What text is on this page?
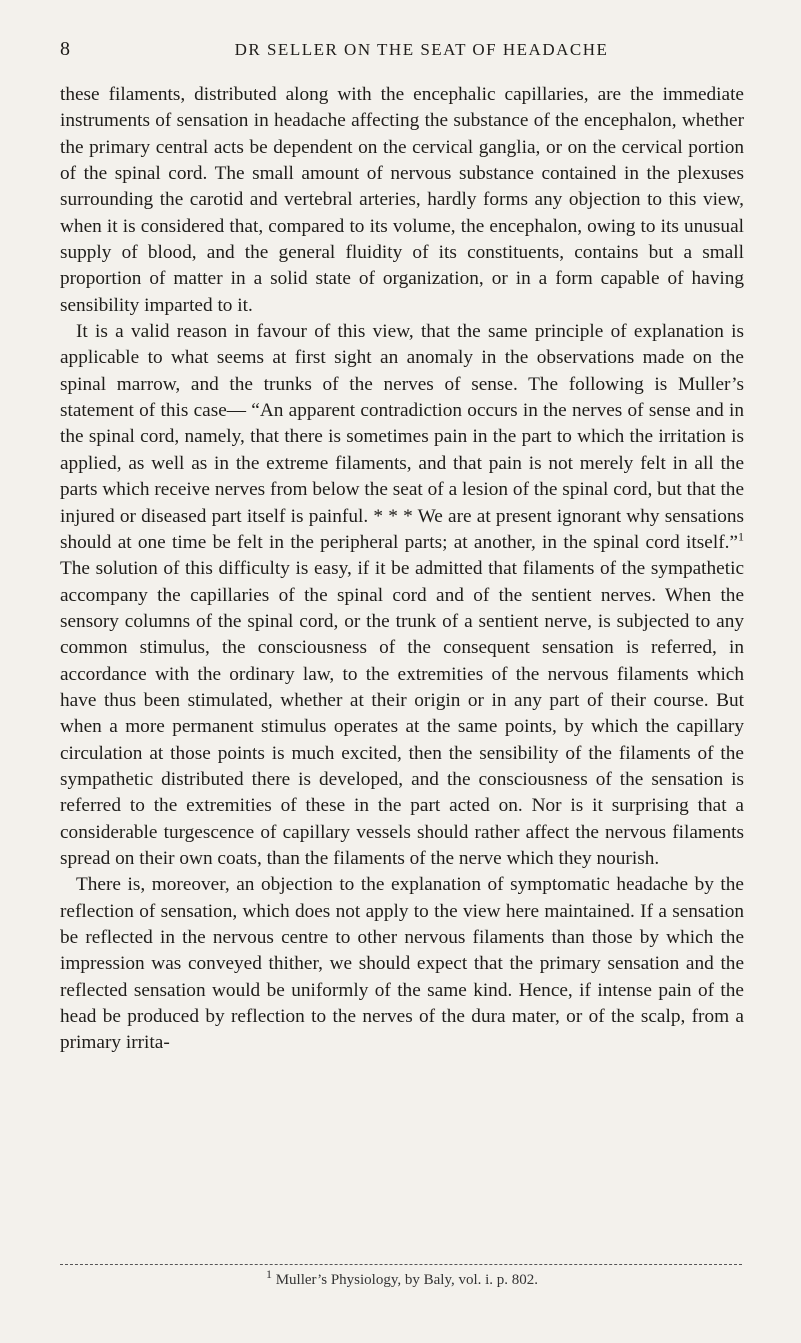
8	DR SELLER ON THE SEAT OF HEADACHE

these filaments, distributed along with the encephalic capillaries, are the immediate instruments of sensation in headache affecting the substance of the encephalon, whether the primary central acts be dependent on the cervical ganglia, or on the cervical portion of the spinal cord. The small amount of nervous substance contained in the plexuses surrounding the carotid and vertebral arteries, hardly forms any objection to this view, when it is considered that, compared to its volume, the encephalon, owing to its unusual supply of blood, and the general fluidity of its constituents, contains but a small proportion of matter in a solid state of organization, or in a form capable of having sensibility imparted to it.

It is a valid reason in favour of this view, that the same principle of explanation is applicable to what seems at first sight an anomaly in the observations made on the spinal marrow, and the trunks of the nerves of sense. The following is Muller’s statement of this case— “An apparent contradiction occurs in the nerves of sense and in the spinal cord, namely, that there is sometimes pain in the part to which the irritation is applied, as well as in the extreme filaments, and that pain is not merely felt in all the parts which receive nerves from below the seat of a lesion of the spinal cord, but that the injured or diseased part itself is painful. * * * We are at present ignorant why sensations should at one time be felt in the peripheral parts; at another, in the spinal cord itself.”$^1$ The solution of this difficulty is easy, if it be admitted that filaments of the sympathetic accompany the capillaries of the spinal cord and of the sentient nerves. When the sensory columns of the spinal cord, or the trunk of a sentient nerve, is subjected to any common stimulus, the consciousness of the consequent sensation is referred, in accordance with the ordinary law, to the extremities of the nervous filaments which have thus been stimulated, whether at their origin or in any part of their course. But when a more permanent stimulus operates at the same points, by which the capillary circulation at those points is much excited, then the sensibility of the filaments of the sympathetic distributed there is developed, and the consciousness of the sensation is referred to the extremities of these in the part acted on. Nor is it surprising that a considerable turgescence of capillary vessels should rather affect the nervous filaments spread on their own coats, than the filaments of the nerve which they nourish.

There is, moreover, an objection to the explanation of symptomatic headache by the reflection of sensation, which does not apply to the view here maintained. If a sensation be reflected in the nervous centre to other nervous filaments than those by which the impression was conveyed thither, we should expect that the primary sensation and the reflected sensation would be uniformly of the same kind. Hence, if intense pain of the head be produced by reflection to the nerves of the dura mater, or of the scalp, from a primary irrita-

$^1$ Muller’s Physiology, by Baly, vol. i. p. 802.
